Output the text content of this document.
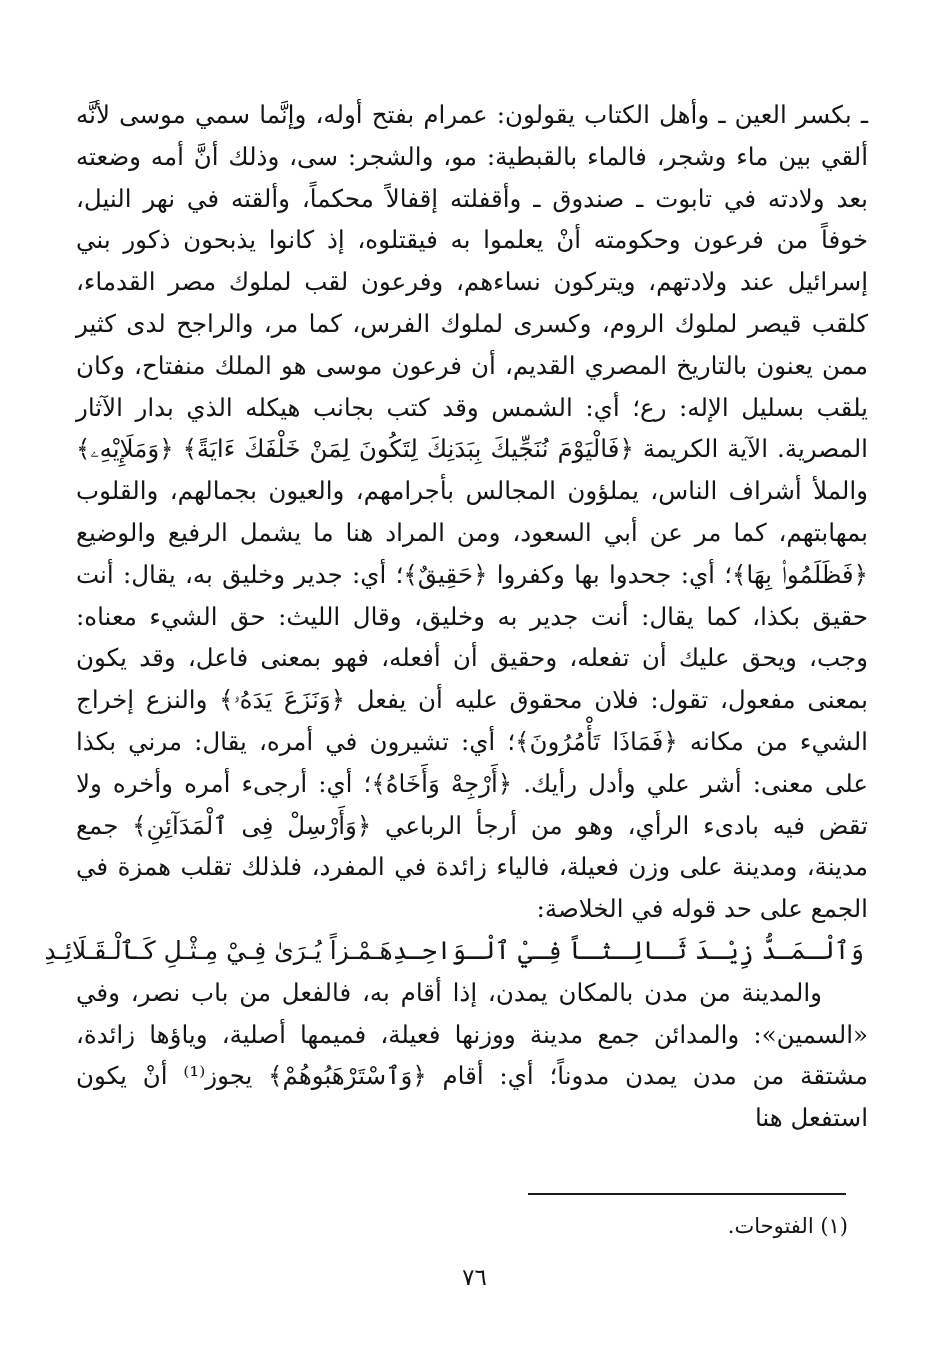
ـ بكسر العين ـ وأهل الكتاب يقولون: عمرام بفتح أوله، وإنَّما سمي موسى لأنَّه ألقي بين ماء وشجر، فالماء بالقبطية: مو، والشجر: سى، وذلك أنَّ أمه وضعته بعد ولادته في تابوت ـ صندوق ـ وأقفلته إقفالاً محكماً، وألقته في نهر النيل، خوفاً من فرعون وحكومته أنْ يعلموا به فيقتلوه، إذ كانوا يذبحون ذكور بني إسرائيل عند ولادتهم، ويتركون نساءهم، وفرعون لقب لملوك مصر القدماء، كلقب قيصر لملوك الروم، وكسرى لملوك الفرس، كما مر، والراجح لدى كثير ممن يعنون بالتاريخ المصري القديم، أن فرعون موسى هو الملك منفتاح، وكان يلقب بسليل الإله: رع؛ أي: الشمس وقد كتب بجانب هيكله الذي بدار الآثار المصرية. الآية الكريمة ﴿فَالْيَوْمَ نُنَجِّيكَ بِبَدَنِكَ لِتَكُونَ لِمَنْ خَلْفَكَ ءَايَةً﴾ ﴿وَمَلَإِيْهِۦ﴾ والملأ أشراف الناس، يملؤون المجالس بأجرامهم، والعيون بجمالهم، والقلوب بمهابتهم، كما مر عن أبي السعود، ومن المراد هنا ما يشمل الرفيع والوضيع ﴿فَظَلَمُوا۟ بِهَا﴾؛ أي: جحدوا بها وكفروا ﴿حَقِيقٌ﴾؛ أي: جدير وخليق به، يقال: أنت حقيق بكذا، كما يقال: أنت جدير به وخليق، وقال الليث: حق الشيء معناه: وجب، ويحق عليك أن تفعله، وحقيق أن أفعله، فهو بمعنى فاعل، وقد يكون بمعنى مفعول، تقول: فلان محقوق عليه أن يفعل ﴿وَنَزَعَ يَدَهُۥ﴾ والنزع إخراج الشيء من مكانه ﴿فَمَاذَا تَأْمُرُونَ﴾؛ أي: تشيرون في أمره، يقال: مرني بكذا على معنى: أشر علي وأدل رأيك. ﴿أَرْجِهْ وَأَخَاهُ﴾؛ أي: أرجىء أمره وأخره ولا تقض فيه بادىء الرأي، وهو من أرجأ الرباعي ﴿وَأَرْسِلْ فِى ٱلْمَدَآئِنِ﴾ جمع مدينة، ومدينة على وزن فعيلة، فالياء زائدة في المفرد، فلذلك تقلب همزة في الجمع على حد قوله في الخلاصة:

وَٱلْـمَـدُّ زِيْـدَ ثَـالِـثـاً فِـيْ ٱلْـوَاحِـدِ
هَـمْـزاً يُـرَىٰ فِـيْ مِـثْـلِ كَـٱلْـقَـلَائِـدِ

والمدينة من مدن بالمكان يمدن، إذا أقام به، فالفعل من باب نصر، وفي «السمين»: والمدائن جمع مدينة ووزنها فعيلة، فميمها أصلية، وياؤها زائدة، مشتقة من مدن يمدن مدوناً؛ أي: أقام ﴿وَٱسْتَرْهَبُوهُمْ﴾ يجوز⁽¹⁾ أنْ يكون استفعل هنا

(١) الفتوحات.
٧٦
